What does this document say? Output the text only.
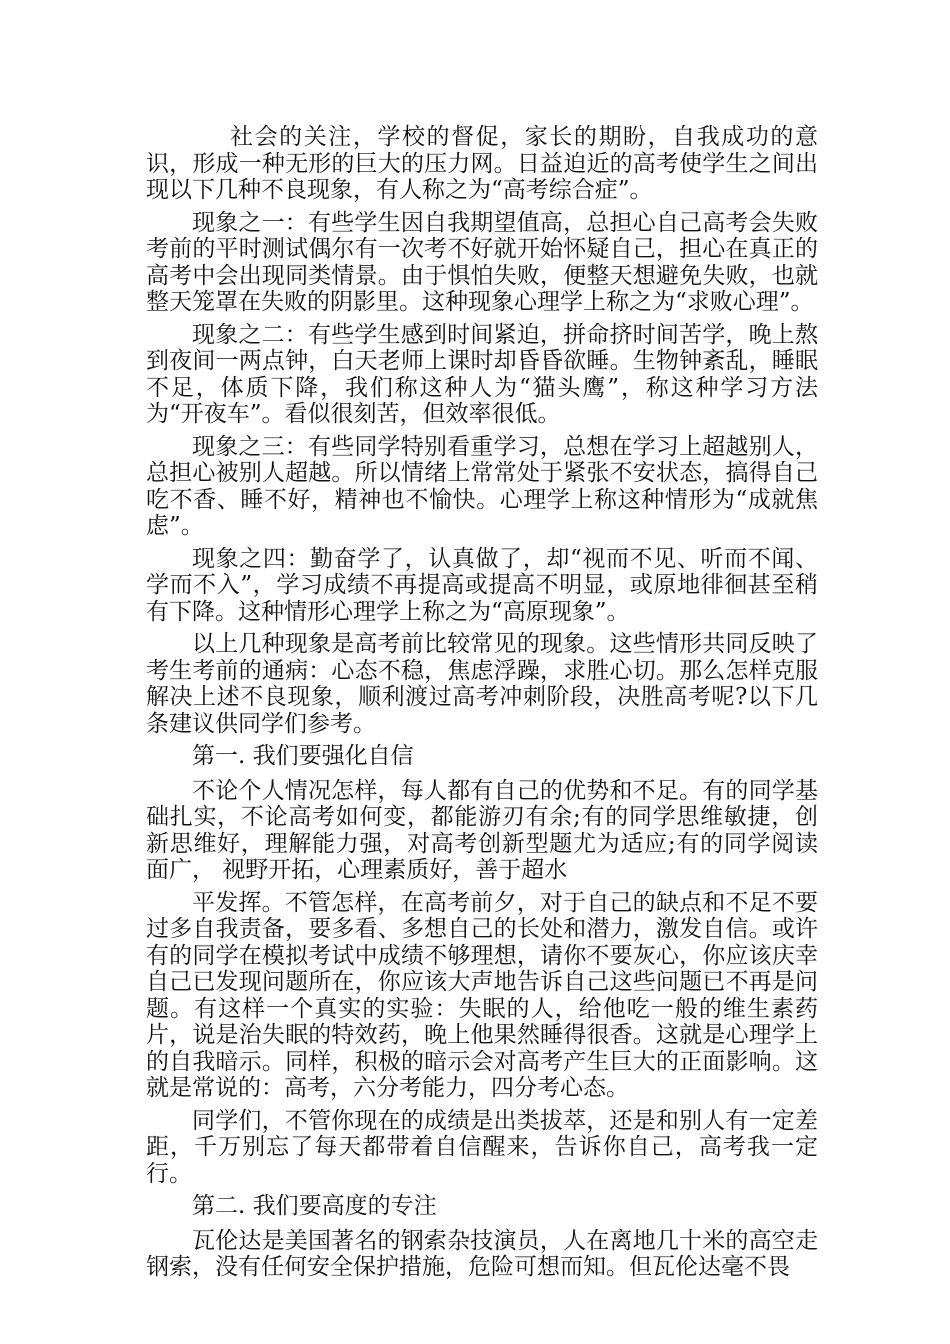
社会的关注，学校的督促，家长的期盼，自我成功的意识，形成一种无形的巨大的压力网。日益迫近的高考使学生之间出现以下几种不良现象，有人称之为“高考综合症”。

现象之一：有些学生因自我期望值高，总担心自己高考会失败考前的平时测试偶尔有一次考不好就开始怀疑自己，担心在真正的高考中会出现同类情景。由于惧怕失败，便整天想避免失败，也就整天笼罩在失败的阴影里。这种现象心理学上称之为“求败心理”。

现象之二：有些学生感到时间紧迫，拼命挤时间苦学，晚上熬到夜间一两点钟，白天老师上课时却昏昏欲睡。生物钟紊乱，睡眠不足，体质下降，我们称这种人为“猫头鹰”，称这种学习方法为“开夜车”。看似很刻苦，但效率很低。

现象之三：有些同学特别看重学习，总想在学习上超越别人，总担心被别人超越。所以情绪上常常处于紧张不安状态，搞得自己吃不香、睡不好，精神也不愉快。心理学上称这种情形为“成就焦虑”。

现象之四：勤奋学了，认真做了，却“视而不见、听而不闻、学而不入”，学习成绩不再提高或提高不明显，或原地徘徊甚至稍有下降。这种情形心理学上称之为“高原现象”。

以上几种现象是高考前比较常见的现象。这些情形共同反映了考生考前的通病：心态不稳，焦虑浮躁，求胜心切。那么怎样克服解决上述不良现象，顺利渡过高考冲刺阶段，决胜高考呢?以下几条建议供同学们参考。

第一. 我们要强化自信

不论个人情况怎样，每人都有自己的优势和不足。有的同学基础扎实，不论高考如何变，都能游刃有余;有的同学思维敏捷，创新思维好，理解能力强，对高考创新型题尤为适应;有的同学阅读面广， 视野开拓，心理素质好，善于超水

平发挥。不管怎样，在高考前夕，对于自己的缺点和不足不要过多自我责备，要多看、多想自己的长处和潜力，激发自信。或许有的同学在模拟考试中成绩不够理想，请你不要灰心，你应该庆幸自己已发现问题所在，你应该大声地告诉自己这些问题已不再是问题。有这样一个真实的实验：失眠的人，给他吃一般的维生素药片，说是治失眠的特效药，晚上他果然睡得很香。这就是心理学上的自我暗示。同样，积极的暗示会对高考产生巨大的正面影响。这就是常说的：高考，六分考能力，四分考心态。

同学们，不管你现在的成绩是出类拔萃，还是和别人有一定差距，千万别忘了每天都带着自信醒来，告诉你自己，高考我一定行。

第二. 我们要高度的专注

瓦伦达是美国著名的钢索杂技演员，人在离地几十米的高空走钢索，没有任何安全保护措施，危险可想而知。但瓦伦达毫不畏
